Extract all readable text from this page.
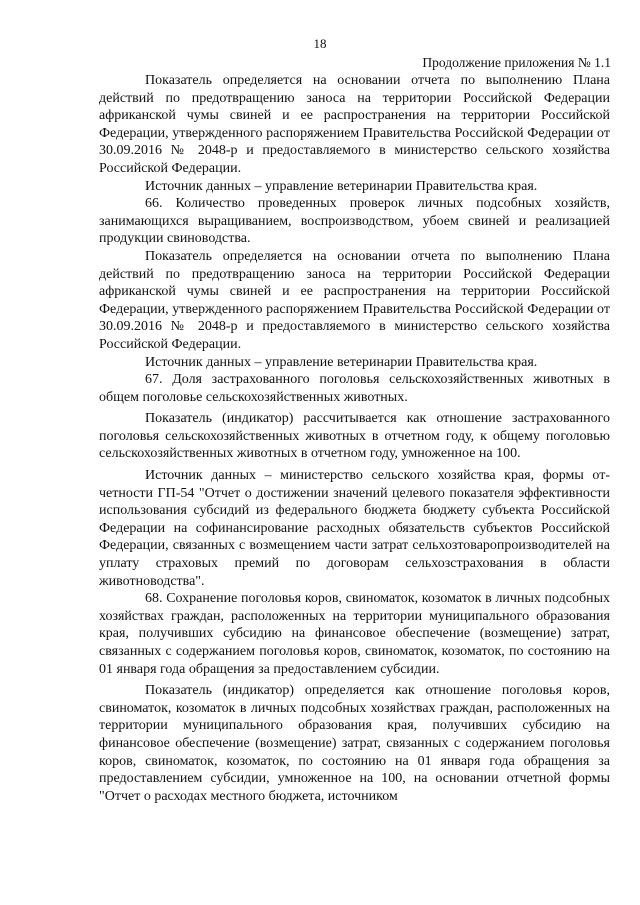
18
Продолжение приложения № 1.1

Показатель определяется на основании отчета по выполнению Плана действий по предотвращению заноса на территории Российской Федерации африканской чумы свиней и ее распространения на территории Российской Федерации, утвержденного распоряжением Правительства Российской Федерации от 30.09.2016 № 2048-р и предоставляемого в министерство сельского хозяйства Российской Федерации.

Источник данных – управление ветеринарии Правительства края.

66. Количество проведенных проверок личных подсобных хозяйств, занимающихся выращиванием, воспроизводством, убоем свиней и реализацией продукции свиноводства.

Показатель определяется на основании отчета по выполнению Плана действий по предотвращению заноса на территории Российской Федерации африканской чумы свиней и ее распространения на территории Российской Федерации, утвержденного распоряжением Правительства Российской Федерации от 30.09.2016 № 2048-р и предоставляемого в министерство сельского хозяйства Российской Федерации.

Источник данных – управление ветеринарии Правительства края.

67. Доля застрахованного поголовья сельскохозяйственных животных в общем поголовье сельскохозяйственных животных.

Показатель (индикатор) рассчитывается как отношение застрахованного поголовья сельскохозяйственных животных в отчетном году, к общему поголовью сельскохозяйственных животных в отчетном году, умноженное на 100.

Источник данных – министерство сельского хозяйства края, формы отчетности ГП-54 "Отчет о достижении значений целевого показателя эффективности использования субсидий из федерального бюджета бюджету субъекта Российской Федерации на софинансирование расходных обязательств субъектов Российской Федерации, связанных с возмещением части затрат сельхозтоваропроизводителей на уплату страховых премий по договорам сельхозстрахования в области животноводства".

68. Сохранение поголовья коров, свиноматок, козоматок в личных подсобных хозяйствах граждан, расположенных на территории муниципального образования края, получивших субсидию на финансовое обеспечение (возмещение) затрат, связанных с содержанием поголовья коров, свиноматок, козоматок, по состоянию на 01 января года обращения за предоставлением субсидии.

Показатель (индикатор) определяется как отношение поголовья коров, свиноматок, козоматок в личных подсобных хозяйствах граждан, расположенных на территории муниципального образования края, получивших субсидию на финансовое обеспечение (возмещение) затрат, связанных с содержанием поголовья коров, свиноматок, козоматок, по состоянию на 01 января года обращения за предоставлением субсидии, умноженное на 100, на основании отчетной формы "Отчет о расходах местного бюджета, источником
